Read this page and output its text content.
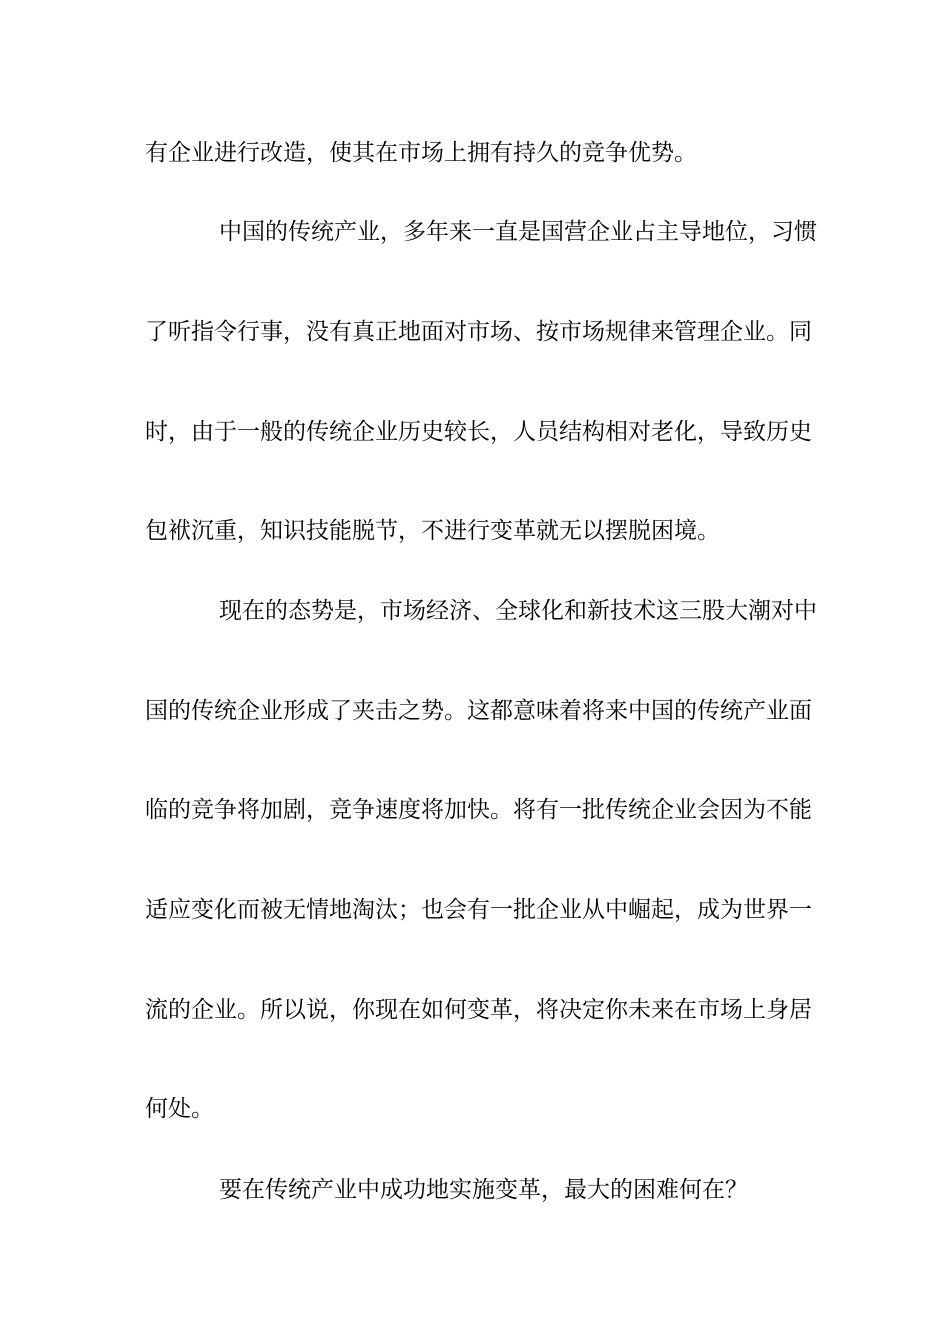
有企业进行改造，使其在市场上拥有持久的竞争优势。
中国的传统产业，多年来一直是国营企业占主导地位，习惯
了听指令行事，没有真正地面对市场、按市场规律来管理企业。同
时，由于一般的传统企业历史较长，人员结构相对老化，导致历史
包袱沉重，知识技能脱节，不进行变革就无以摆脱困境。
现在的态势是，市场经济、全球化和新技术这三股大潮对中
国的传统企业形成了夹击之势。这都意味着将来中国的传统产业面
临的竞争将加剧，竞争速度将加快。将有一批传统企业会因为不能
适应变化而被无情地淘汰；也会有一批企业从中崛起，成为世界一
流的企业。所以说，你现在如何变革，将决定你未来在市场上身居
何处。
要在传统产业中成功地实施变革，最大的困难何在？
